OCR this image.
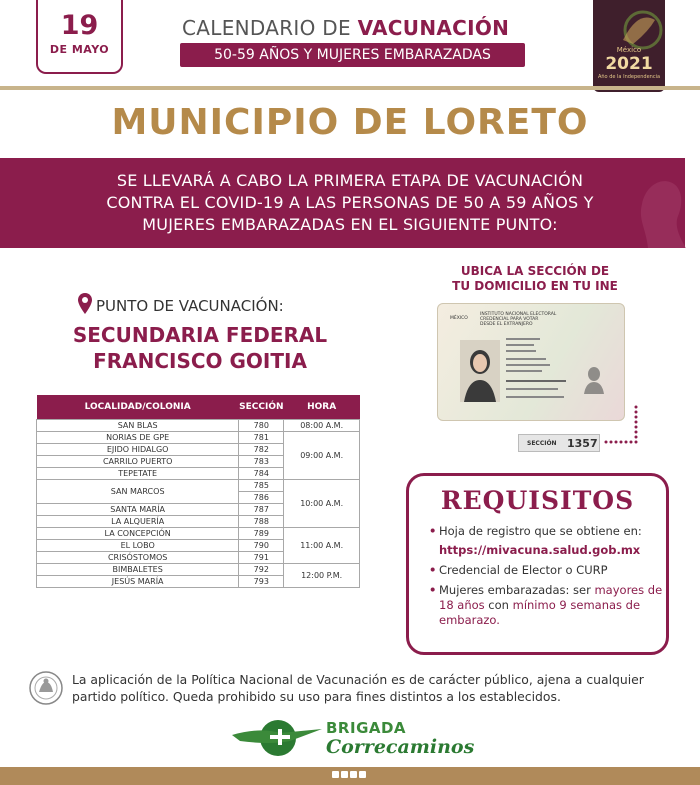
19
DE MAYO
CALENDARIO DE VACUNACIÓN
50-59 AÑOS Y MUJERES EMBARAZADAS	México
2021
Año de la Independencia
MUNICIPIO DE LORETO
SE LLEVARÁ A CABO LA PRIMERA ETAPA DE VACUNACIÓN
CONTRA EL COVID-19 A LAS PERSONAS DE 50 A 59 AÑOS Y
MUJERES EMBARAZADAS EN EL SIGUIENTE PUNTO:
PUNTO DE VACUNACIÓN:
SECUNDARIA FEDERAL
FRANCISCO GOITIA
LOCALIDAD/COLONIA	SECCIÓN	HORA
SAN BLAS	780	08:00 A.M.
NORIAS DE GPE	781	09:00 A.M.
EJIDO HIDALGO	782	
CARRILO PUERTO	783	
TEPETATE	784	
SAN MARCOS	785	10:00 A.M.
	786	
SANTA MARÍA	787	
LA ALQUERÍA	788	
LA CONCEPCIÓN	789	11:00 A.M.
EL LOBO	790	
CRISÓSTOMOS	791	
BIMBALETES	792	12:00 P.M.
JESÚS MARÍA	793	
UBICA LA SECCIÓN DE
TU DOMICILIO EN TU INE
MÉXICO
INSTITUTO NACIONAL ELECTORAL
CREDENCIAL PARA VOTAR
DESDE EL EXTRANJERO
SECCIÓN 1357
REQUISITOS
• Hoja de registro que se obtiene en:
https://mivacuna.salud.gob.mx
• Credencial de Elector o CURP
• Mujeres embarazadas: ser mayores de 18 años con mínimo 9 semanas de embarazo.
La aplicación de la Política Nacional de Vacunación es de carácter público, ajena a cualquier partido político. Queda prohibido su uso para fines distintos a los establecidos.
BRIGADA
Correcaminos
